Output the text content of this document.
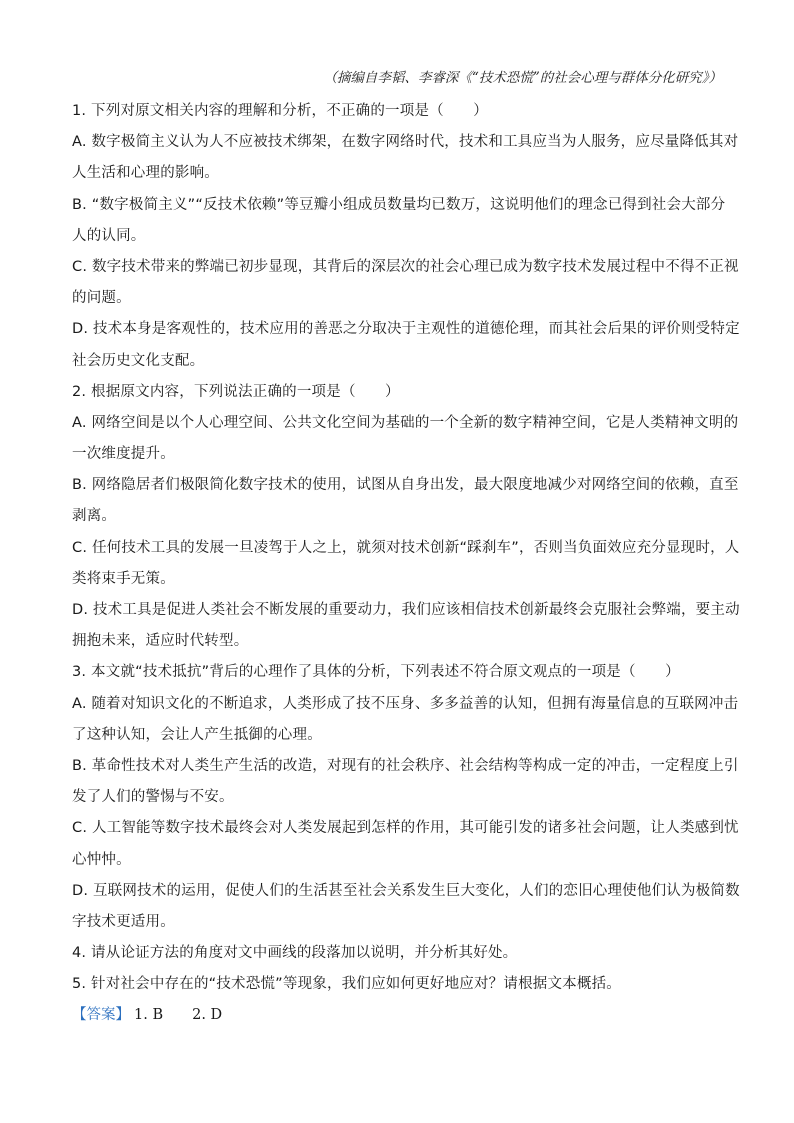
（摘编自李韬、李睿深《“技术恐慌”的社会心理与群体分化研究》）
1. 下列对原文相关内容的理解和分析，不正确的一项是（　　）
A. 数字极简主义认为人不应被技术绑架，在数字网络时代，技术和工具应当为人服务，应尽量降低其对
人生活和心理的影响。
B. “数字极简主义”“反技术依赖”等豆瓣小组成员数量均已数万，这说明他们的理念已得到社会大部分
人的认同。
C. 数字技术带来的弊端已初步显现，其背后的深层次的社会心理已成为数字技术发展过程中不得不正视
的问题。
D. 技术本身是客观性的，技术应用的善恶之分取决于主观性的道德伦理，而其社会后果的评价则受特定
社会历史文化支配。
2. 根据原文内容，下列说法正确的一项是（　　）
A. 网络空间是以个人心理空间、公共文化空间为基础的一个全新的数字精神空间，它是人类精神文明的
一次维度提升。
B. 网络隐居者们极限简化数字技术的使用，试图从自身出发，最大限度地减少对网络空间的依赖，直至
剥离。
C. 任何技术工具的发展一旦凌驾于人之上，就须对技术创新“踩刹车”，否则当负面效应充分显现时，人
类将束手无策。
D. 技术工具是促进人类社会不断发展的重要动力，我们应该相信技术创新最终会克服社会弊端，要主动
拥抱未来，适应时代转型。
3. 本文就“技术抵抗”背后的心理作了具体的分析，下列表述不符合原文观点的一项是（　　）
A. 随着对知识文化的不断追求，人类形成了技不压身、多多益善的认知，但拥有海量信息的互联网冲击
了这种认知，会让人产生抵御的心理。
B. 革命性技术对人类生产生活的改造，对现有的社会秩序、社会结构等构成一定的冲击，一定程度上引
发了人们的警惕与不安。
C. 人工智能等数字技术最终会对人类发展起到怎样的作用，其可能引发的诸多社会问题，让人类感到忧
心忡忡。
D. 互联网技术的运用，促使人们的生活甚至社会关系发生巨大变化，人们的恋旧心理使他们认为极简数
字技术更适用。
4. 请从论证方法的角度对文中画线的段落加以说明，并分析其好处。
5. 针对社会中存在的“技术恐慌”等现象，我们应如何更好地应对？请根据文本概括。
【答案】 1. B　　2. D
